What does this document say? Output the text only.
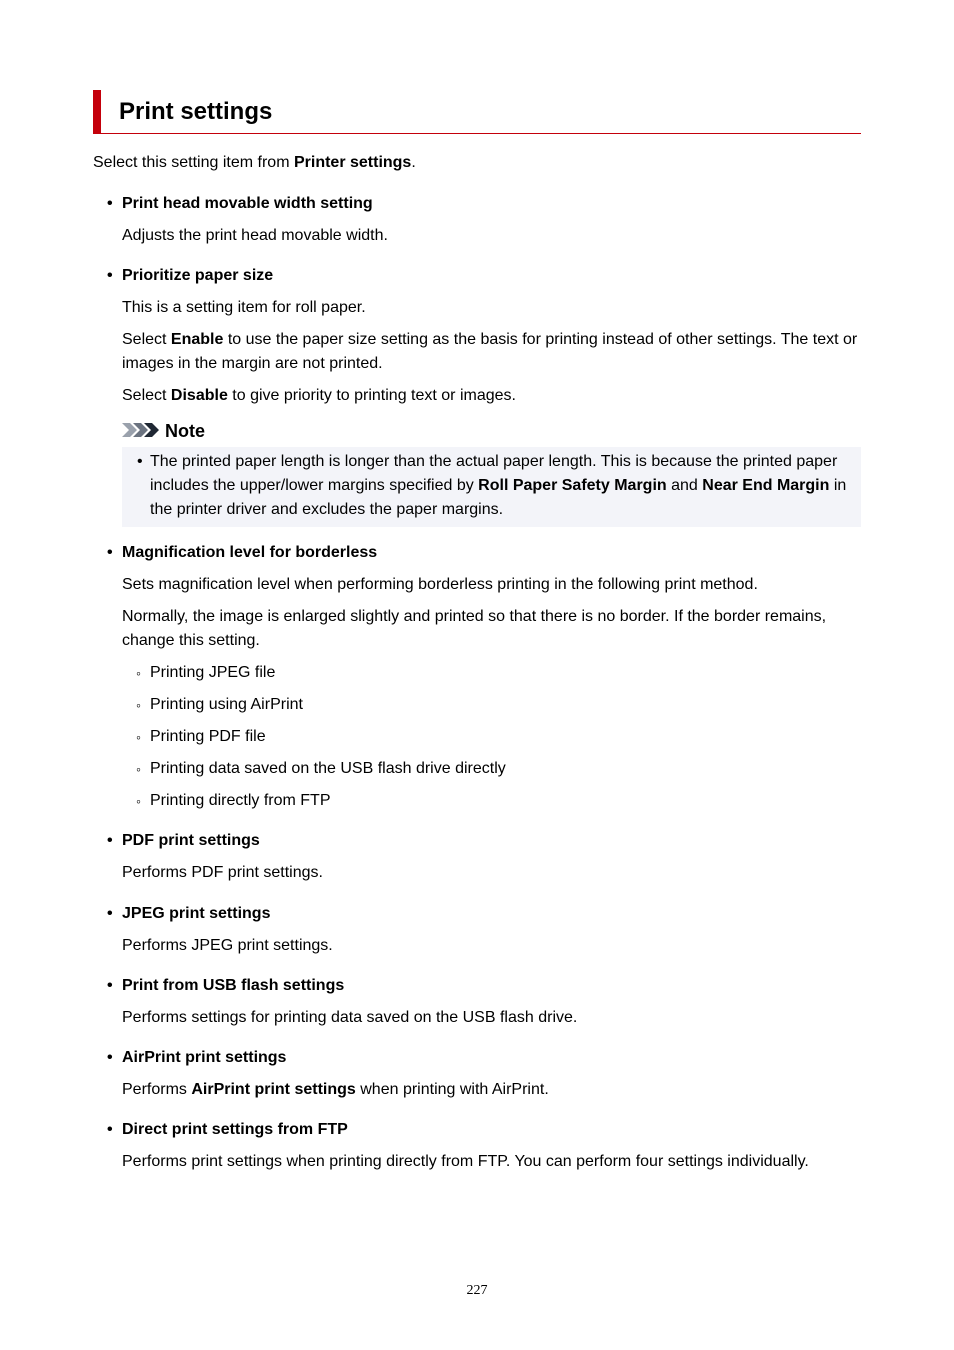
Print settings

Select this setting item from Printer settings.

• Print head movable width setting

Adjusts the print head movable width.

• Prioritize paper size

This is a setting item for roll paper.

Select Enable to use the paper size setting as the basis for printing instead of other settings. The text or

images in the margin are not printed.

Select Disable to give priority to printing text or images.

Note
• The printed paper length is longer than the actual paper length. This is because the printed paper

includes the upper/lower margins specified by Roll Paper Safety Margin and Near End Margin in

the printer driver and excludes the paper margins.

• Magnification level for borderless

Sets magnification level when performing borderless printing in the following print method.

Normally, the image is enlarged slightly and printed so that there is no border. If the border remains,

change this setting.

◦ Printing JPEG file

◦ Printing using AirPrint

◦ Printing PDF file

◦ Printing data saved on the USB flash drive directly

◦ Printing directly from FTP

• PDF print settings

Performs PDF print settings.

• JPEG print settings

Performs JPEG print settings.

• Print from USB flash settings

Performs settings for printing data saved on the USB flash drive.

• AirPrint print settings

Performs AirPrint print settings when printing with AirPrint.

• Direct print settings from FTP

Performs print settings when printing directly from FTP. You can perform four settings individually.

227
